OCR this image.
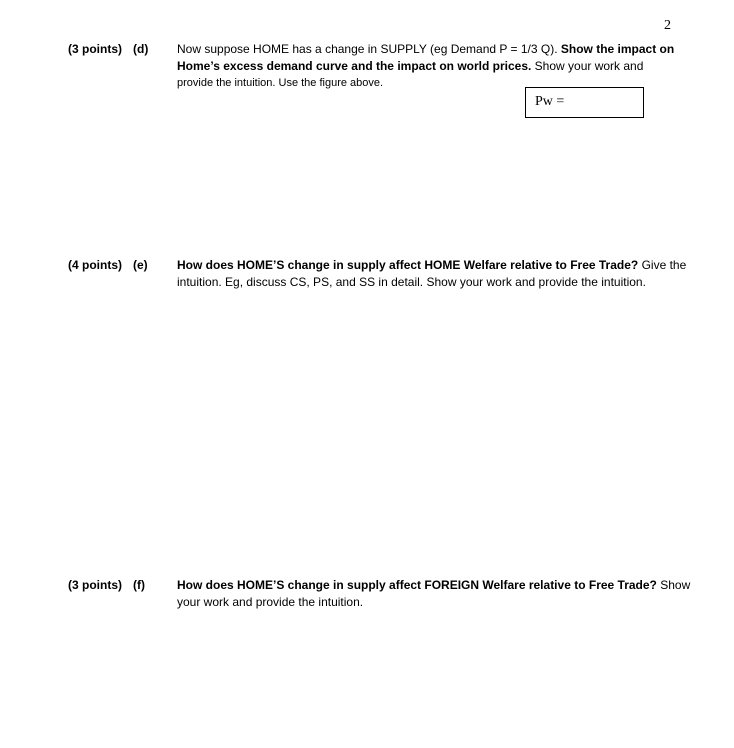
2
(3 points) (d) Now suppose HOME has a change in SUPPLY (eg Demand P = 1/3 Q). Show the impact on
Home’s excess demand curve and the impact on world prices. Show your work and
provide the intuition. Use the figure above.
Pw =
(4 points) (e) How does HOME’S change in supply affect HOME Welfare relative to Free Trade? Give the
intuition. Eg, discuss CS, PS, and SS in detail. Show your work and provide the intuition.
(3 points) (f)	How does HOME’S change in supply affect FOREIGN Welfare relative to Free Trade? Show
your work and provide the intuition.
